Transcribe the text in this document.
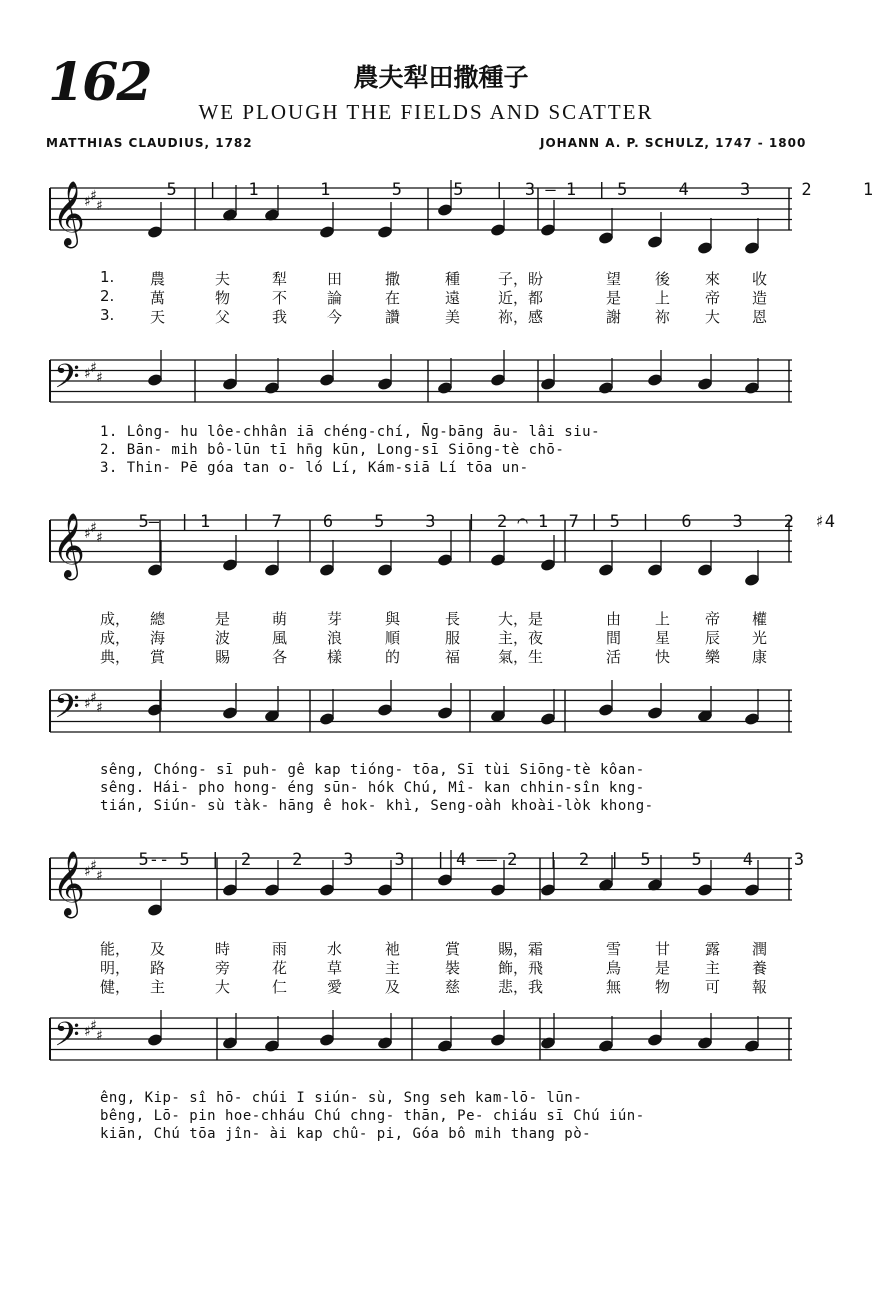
162	農夫犁田撒種子
WE PLOUGH THE FIELDS AND SCATTER
MATTHIAS CLAUDIUS, 1782	JOHANN A. P. SCHULZ, 1747 - 1800
𝄞
♯ ♯
♯
𝄢 ♯ ♯
♯
𝄞
♯ ♯
♯
𝄢 ♯ ♯
♯
𝄞
♯ ♯
♯
𝄢 ♯ ♯
♯

5 | 1	1	5	5 | 3 — 1 | 5	4	3	2	1

5— | 1 | 7 6 5 3 | 2 ⌒ 1 7 | 5 | 6 3 2 ♯4

5-- 5 | 2 2 3 3 | 4 —— 2 | 2 | 5 5 4 3

1. 農	夫	犁	田	撒	種	子，盼	望 後 來 收
2. 萬	物	不	論	在	遠	近，都	是 上 帝 造
3. 天	父	我	今	讚	美	祢，感	謝 祢 大 恩
成， 總	是	萌	芽	與	長	大，是	由 上 帝 權
成， 海	波	風	浪	順	服	主，夜	間 星 辰 光
典， 賞	賜	各	樣	的	福	氣，生	活 快 樂 康
能， 及	時	雨	水	祂	賞	賜，霜	雪 甘 露 潤
明， 路	旁	花	草	主	裝	飾，飛	鳥 是 主 養
健， 主	大	仁	愛	及	慈	悲，我	無 物 可 報
1. Lông- hu lôe-chhân iā chéng-chí, N̄g-bāng āu- lâi siu-
2. Bān- mih bô-lūn tī hn̄g kūn, Long-sī Siōng-tè chō-
3. Thin- Pē góa tan o- ló Lí, Kám-siā Lí tōa un-
sêng, Chóng- sī puh- gê kap tióng- tōa, Sī tùi Siōng-tè kôan-
sêng. Hái- pho hong- éng sūn- hók Chú, Mî- kan chhin-sîn kng-
tián, Siún- sù tàk- hāng ê hok- khì, Seng-oàh khoài-lòk khong-
êng, Kip- sî hō- chúi I siún- sù, Sng seh kam-lō- lūn-
bêng, Lō- pin hoe-chháu Chú chng- thān, Pe- chiáu sī Chú iún-
kiān, Chú tōa jîn- ài kap chû- pi, Góa bô mih thang pò-
